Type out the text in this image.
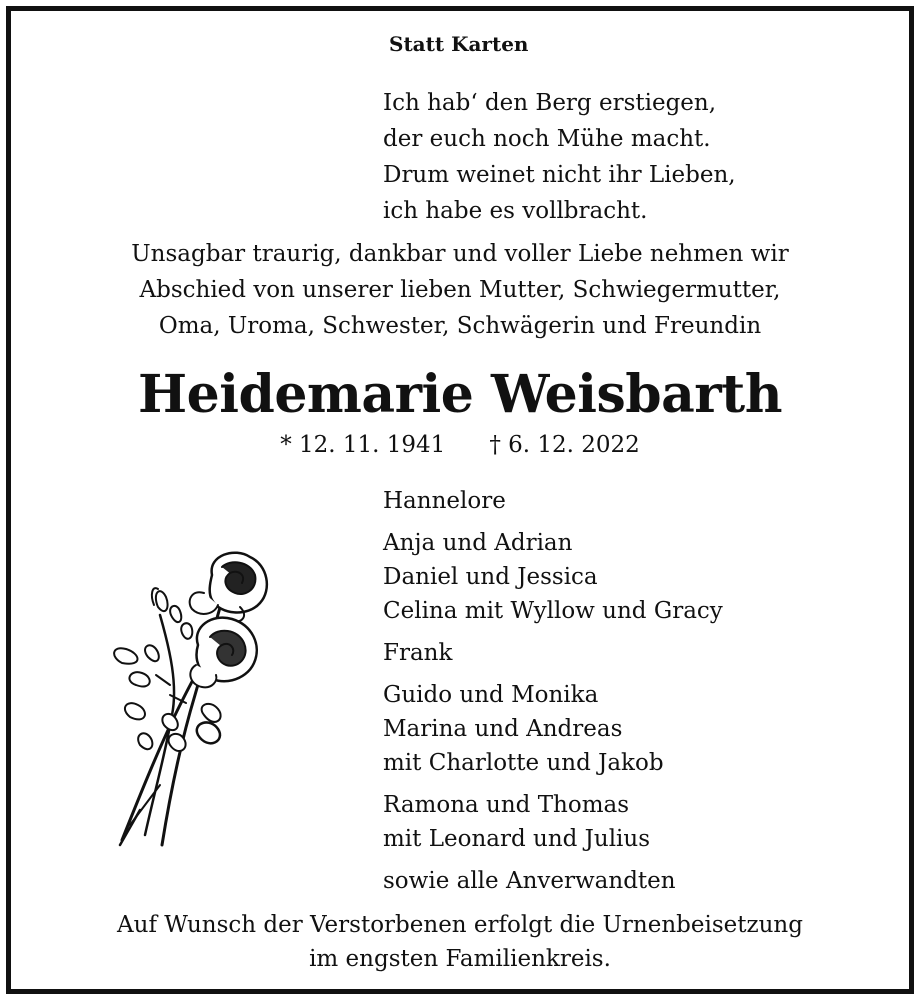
Statt Karten
Ich hab‘ den Berg erstiegen,
der euch noch Mühe macht.
Drum weinet nicht ihr Lieben,
ich habe es vollbracht.
Unsagbar traurig, dankbar und voller Liebe nehmen wir
Abschied von unserer lieben Mutter, Schwiegermutter,
Oma, Uroma, Schwester, Schwägerin und Freundin
Heidemarie Weisbarth
* 12. 11. 1941 † 6. 12. 2022
Hannelore
Anja und Adrian
Daniel und Jessica
Celina mit Wyllow und Gracy
Frank
Guido und Monika
Marina und Andreas
mit Charlotte und Jakob
Ramona und Thomas
mit Leonard und Julius
sowie alle Anverwandten
Auf Wunsch der Verstorbenen erfolgt die Urnenbeisetzung
im engsten Familienkreis.
